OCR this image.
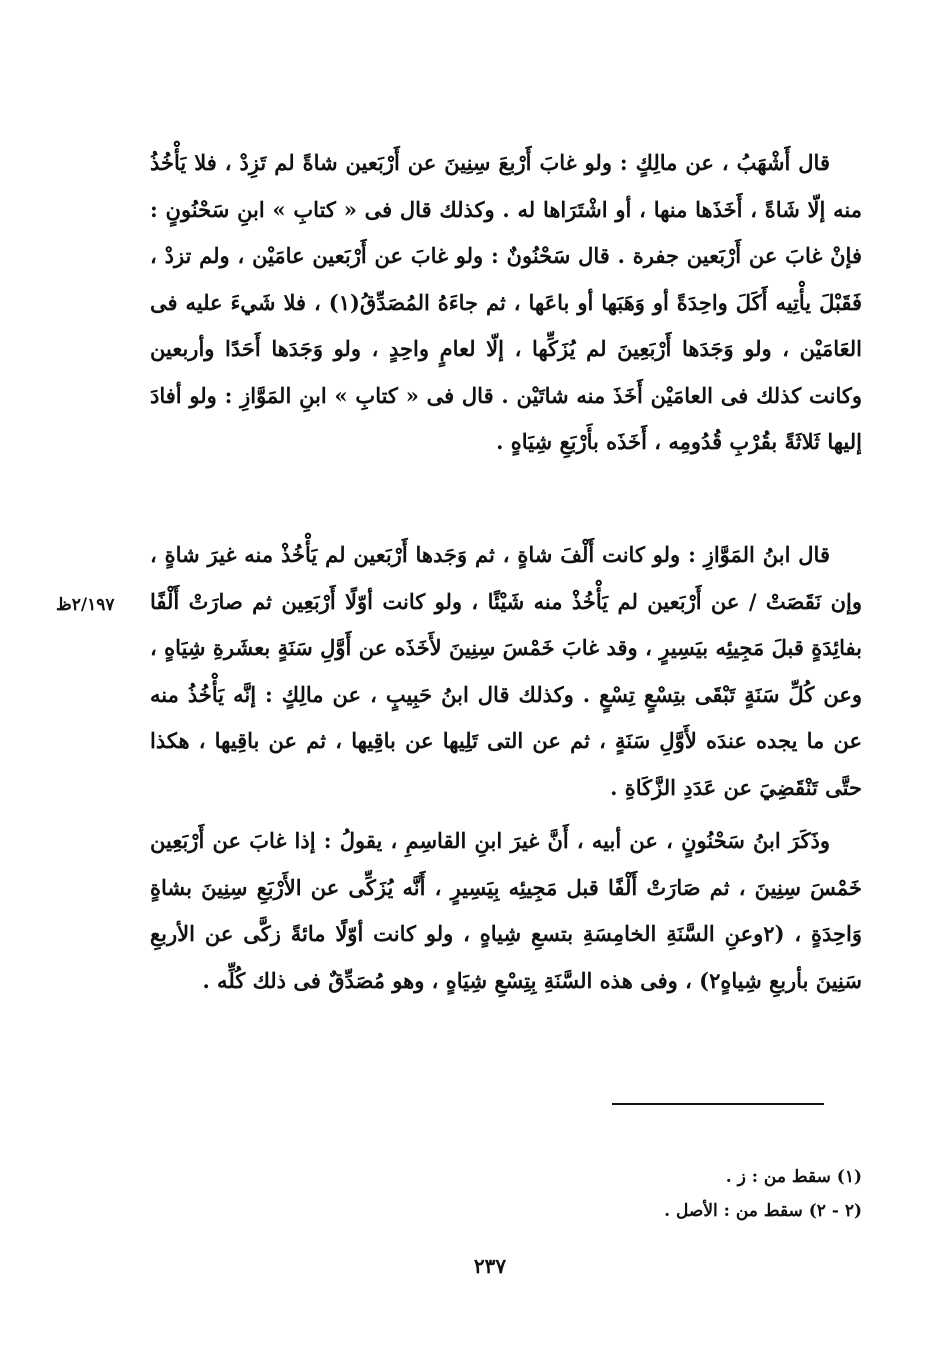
قال أَشْهَبُ ، عن مالِكٍ : ولو غابَ أَرْبعَ سِنِينَ عن أَرْبَعين شاةً لم تَزِدْ ، فلا يَأْخُذُ منه إلّا شَاةً ، أَخَذَها منها ، أو اشْتَرَاها له . وكذلك قال فى « كتابِ » ابنِ سَحْنُونٍ : فإنْ غابَ عن أَرْبَعين جفرة . قال سَحْنُونٌ : ولو غابَ عن أَرْبَعين عامَيْن ، ولم تزدْ ، فَقَبْلَ يأْتِيه أَكَلَ واحِدَةً أو وَهَبَها أو باعَها ، ثم جاءَهُ المُصَدِّقُ(١) ، فلا شَيءَ عليه فى العَامَيْن ، ولو وَجَدَها أَرْبَعِينَ لم يُزَكِّها ، إلّا لعامٍ واحِدٍ ، ولو وَجَدَها أَحَدًا وأربعين وكانت كذلك فى العامَيْن أَخَذَ منه شاتَيْن . قال فى « كتابِ » ابنِ المَوَّازِ : ولو أفادَ إليها ثَلاثَةً بقُرْبِ قُدُومِه ، أَخَذَه بأَرْبَعِ شِيَاهٍ .

قال ابنُ المَوَّازِ : ولو كانت أَلْفَ شاةٍ ، ثم وَجَدها أَرْبَعين لم يَأْخُذْ منه غيرَ شاةٍ ، وإن نَقَصَتْ / عن أَرْبَعين لم يَأْخُذْ منه شَيْئًا ، ولو كانت أوّلًا أَرْبَعِين ثم صارَتْ أَلْفًا بفائِدَةٍ قبلَ مَجِيئِه بيَسِيرٍ ، وقد غابَ خَمْسَ سِنِينَ لأَخَذَه عن أَوَّلِ سَنَةٍ بعشَرةِ شِيَاهٍ ، وعن كُلِّ سَنَةٍ تَبْقَى بتِسْعٍ تِسْعٍ . وكذلك قال ابنُ حَبِيبٍ ، عن مالِكٍ : إنَّه يَأْخُذُ منه عن ما يجده عندَه لأَوَّلِ سَنَةٍ ، ثم عن التى تَلِيها عن باقِيها ، ثم عن باقِيها ، هكذا حتَّى تَنْقَضِيَ عن عَدَدِ الزَّكَاةِ .

وذَكَرَ ابنُ سَحْنُونٍ ، عن أبيه ، أَنَّ غيرَ ابنِ القاسِمِ ، يقولُ : إذا غابَ عن أَرْبَعِين خَمْسَ سِنِينَ ، ثم صَارَتْ أَلْفًا قبل مَجِيئِه بِيَسِيرٍ ، أَنَّه يُزَكِّى عن الأَرْبَعِ سِنِينَ بشاةٍ وَاحِدَةٍ ، (٢وعنِ السَّنَةِ الخامِسَةِ بتسعِ شِياهٍ ، ولو كانت أوّلًا مائةً زكَّى عن الأربعِ سَنِينَ بأربعِ شِياهٍ٢) ، وفى هذه السَّنَةِ بِتِسْعِ شِيَاهٍ ، وهو مُصَدِّقٌ فى ذلك كُلِّه .

٢/١٩٧ظ

(١) سقط من : ز .

(٢ - ٢) سقط من : الأصل .

٢٣٧
